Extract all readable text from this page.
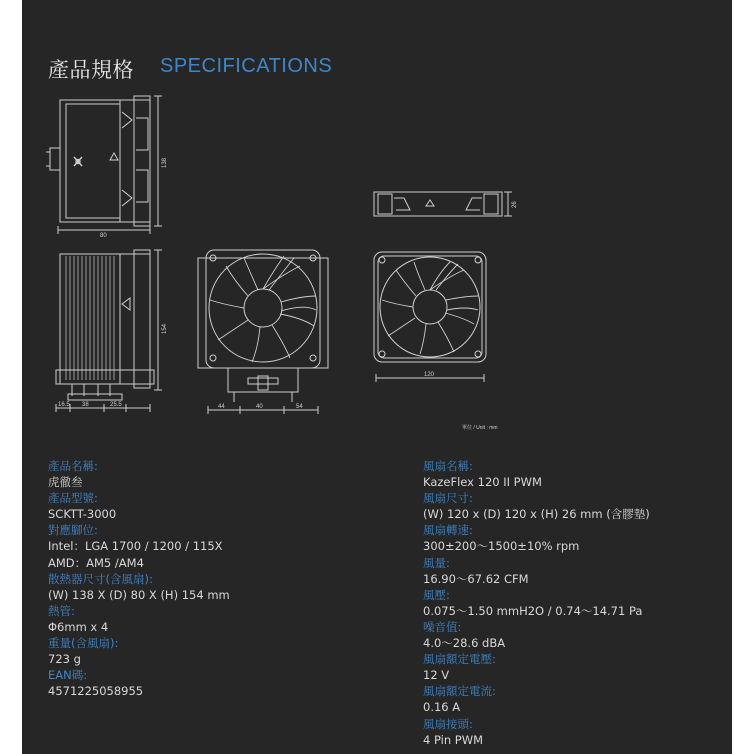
產品規格 SPECIFICATIONS
80
138
154
16.5 38	25.5	44	40	54
26
120
單位 / Unit : mm
產品名稱:
虎徹叁
產品型號:
SCKTT-3000
對應腳位:
Intel：LGA 1700 / 1200 / 115X
AMD：AM5 /AM4
散熱器尺寸(含風扇):
(W) 138 X (D) 80 X (H) 154 mm
熱管:
Φ6mm x 4
重量(含風扇):
723 g
EAN碼:
4571225058955
風扇名稱:
KazeFlex 120 II PWM
風扇尺寸:
(W) 120 x (D) 120 x (H) 26 mm (含膠墊)
風扇轉速:
300±200～1500±10% rpm
風量:
16.90～67.62 CFM
風壓:
0.075～1.50 mmH2O / 0.74～14.71 Pa
噪音值:
4.0～28.6 dBA
風扇額定電壓:
12 V
風扇額定電流:
0.16 A
風扇接頭:
4 Pin PWM
